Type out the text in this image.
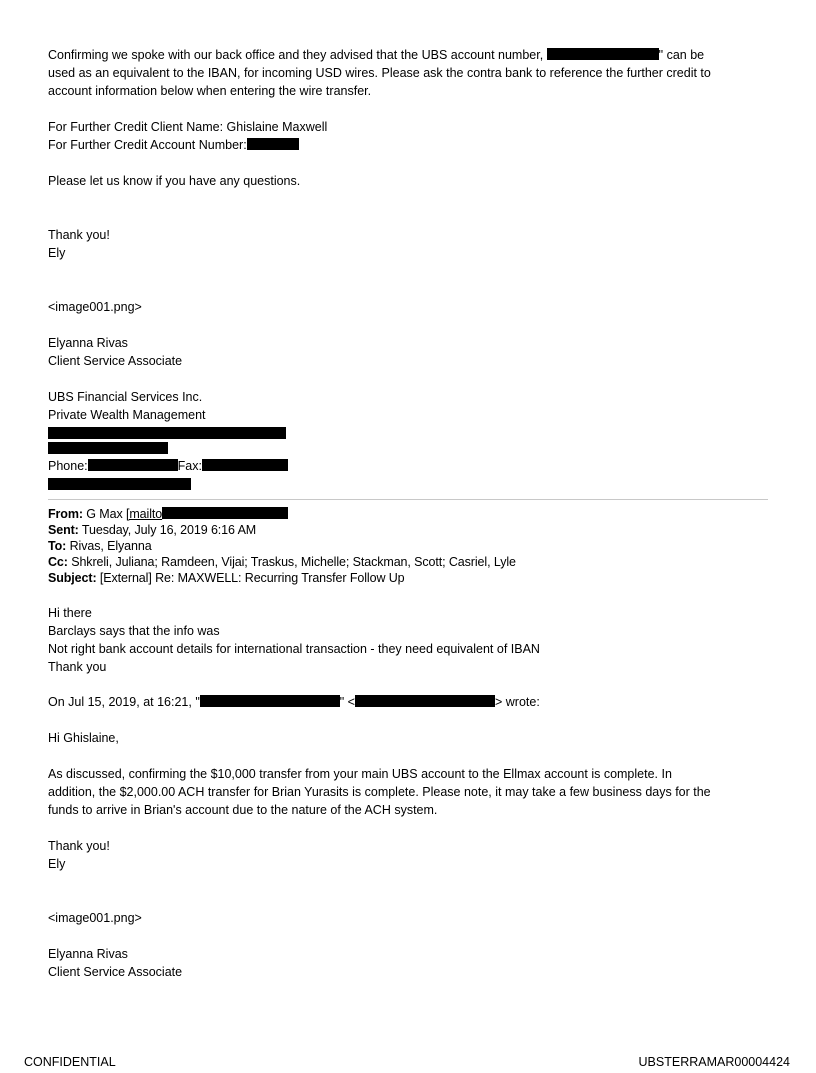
Confirming we spoke with our back office and they advised that the UBS account number,	" can be

used as an equivalent to the IBAN, for incoming USD wires. Please ask the contra bank to reference the further credit to

account information below when entering the wire transfer.

For Further Credit Client Name: Ghislaine Maxwell

For Further Credit Account Number:

Please let us know if you have any questions.

Thank you!

Ely

<image001.png>

Elyanna Rivas

Client Service Associate

UBS Financial Services Inc.

Private Wealth Management

Phone:	Fax:

From: G Max [mailto
Sent: Tuesday, July 16, 2019 6:16 AM
To: Rivas, Elyanna
Cc: Shkreli, Juliana; Ramdeen, Vijai; Traskus, Michelle; Stackman, Scott; Casriel, Lyle
Subject: [External] Re: MAXWELL: Recurring Transfer Follow Up

Hi there

Barclays says that the info was

Not right bank account details for international transaction - they need equivalent of IBAN

Thank you

On Jul 15, 2019, at 16:21, "	" <	> wrote:

Hi Ghislaine,

As discussed, confirming the $10,000 transfer from your main UBS account to the Ellmax account is complete. In

addition, the $2,000.00 ACH transfer for Brian Yurasits is complete. Please note, it may take a few business days for the

funds to arrive in Brian's account due to the nature of the ACH system.

Thank you!

Ely

<image001.png>

Elyanna Rivas

Client Service Associate

CONFIDENTIAL	UBSTERRAMAR00004424
